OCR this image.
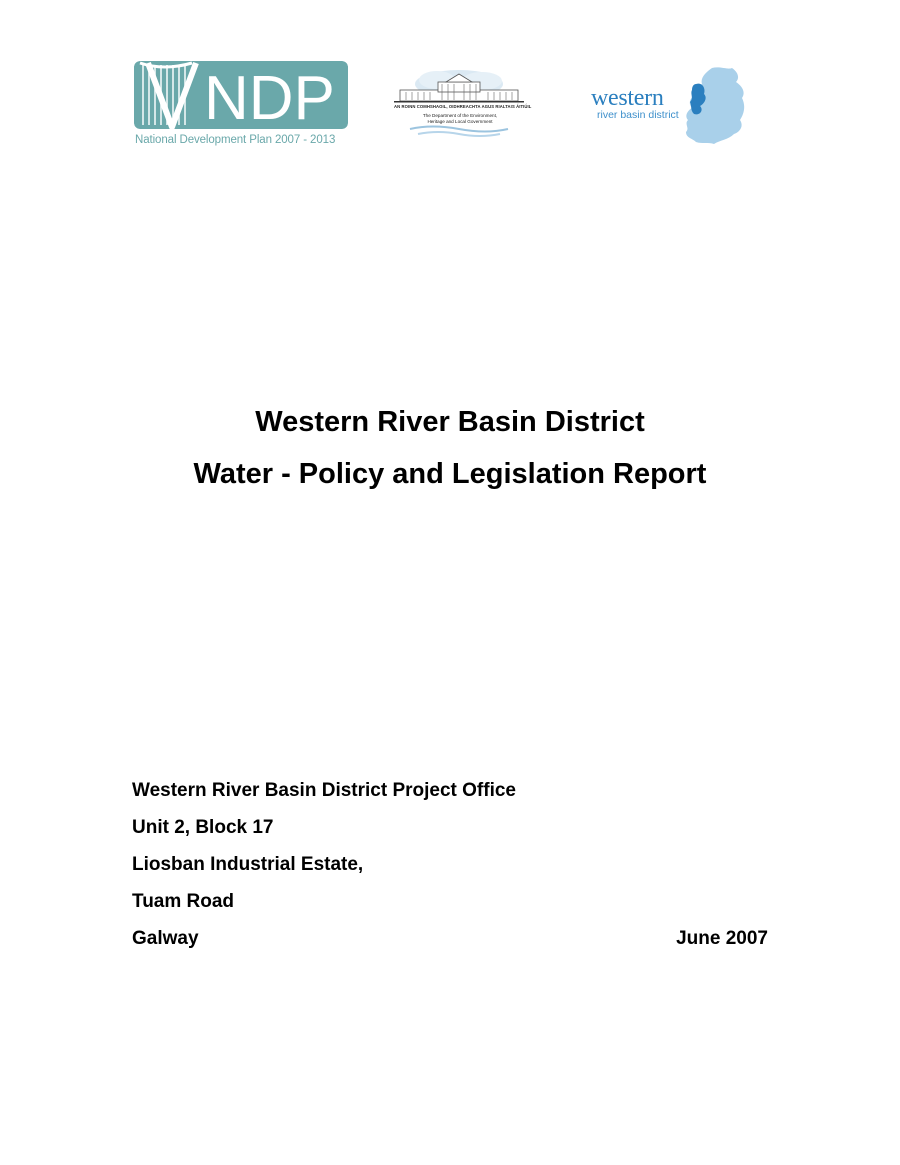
NDP
National Development Plan 2007 - 2013
AN ROINN COMHSHAOIL, OIDHREACHTA AGUS RIALTAIS ÁITIÚIL
The Department of the Environment,
Heritage and Local Government
western
river basin district
Western River Basin District
Water - Policy and Legislation Report
Western River Basin District Project Office
Unit 2, Block 17
Liosban Industrial Estate,
Tuam Road
Galway	June 2007
